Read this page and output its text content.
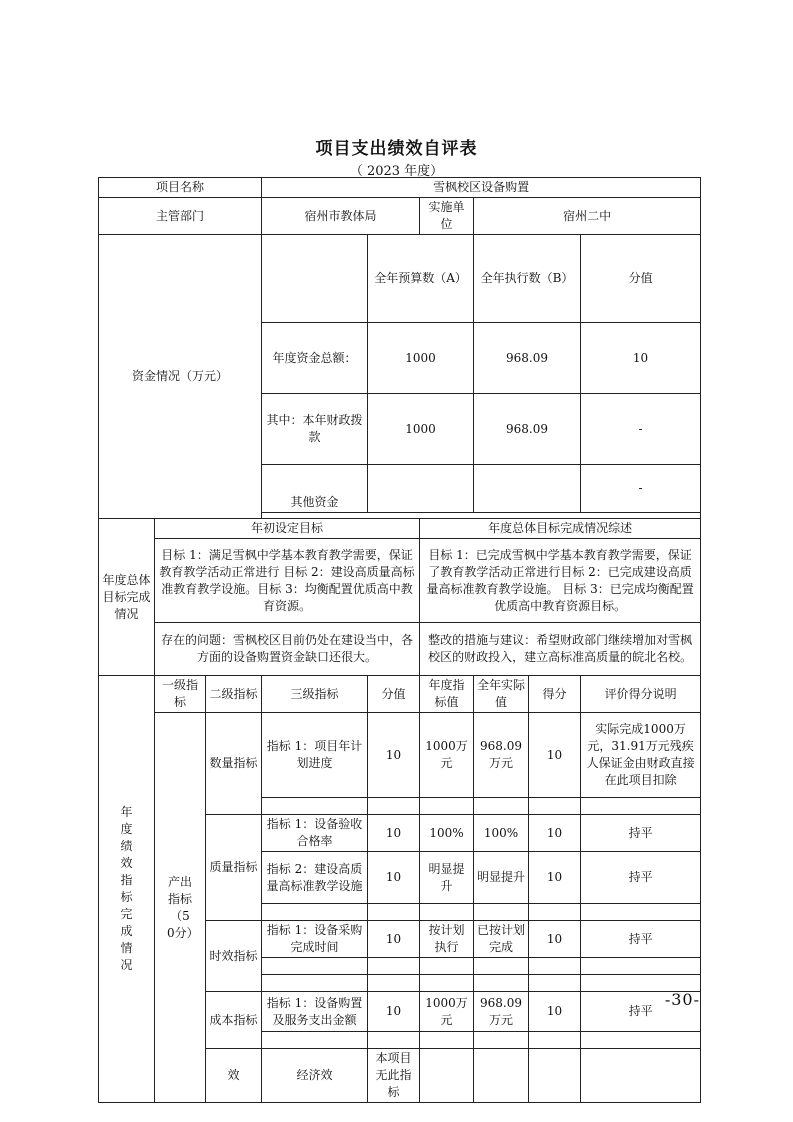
项目支出绩效自评表
（ 2023 年度）
项目名称			雪枫校区设备购置						
主管部门			宿州市教体局		实施单位	宿州二中			
资金情况（万元）				全年预算数（A）		全年执行数（B）		分值		
			年度资金总额：	1000		968.09		10		
			其中：本年财政拨款	1000		968.09		-		
			其他资金					-		

年度总体目标完成情况	年初设定目标				年度总体目标完成情况综述				
	目标 1：满足雪枫中学基本教育教学需要，保证教育教学活动正常进行 目标 2：建设高质量高标准教育教学设施。目标 3：均衡配置优质高中教育资源。				目标 1：已完成雪枫中学基本教育教学需要，保证了教育教学活动正常进行目标 2：已完成建设高质量高标准教育教学设施。 目标 3：已完成均衡配置优质高中教育资源目标。				
	存在的问题：雪枫校区目前仍处在建设当中，各方面的设备购置资金缺口还很大。				整改的措施与建议：希望财政部门继续增加对雪枫校区的财政投入，建立高标准高质量的皖北名校。				
年度绩效指标完成情况	一级指标	二级指标	三级指标	分值	年度指标值	全年实际值	得分	评价得分说明	
	产出指标（50分）	数量指标	指标 1：项目年计划进度	10	1000万元	968.09万元	10	实际完成1000万元，31.91万元残疾人保证金由财政直接在此项目扣除	

		质量指标	指标 1：设备验收合格率	10	100%	100%	10	持平	
			指标 2：建设高质量高标准教学设施	10	明显提升	明显提升	10	持平	

		时效指标	指标 1：设备采购完成时间	10	按计划执行	已按计划完成	10	持平	

		成本指标	指标 1：设备购置及服务支出金额	10	1000万元	968.09万元	10	持平	

		效	经济效	本项目无此指标					
-30-
